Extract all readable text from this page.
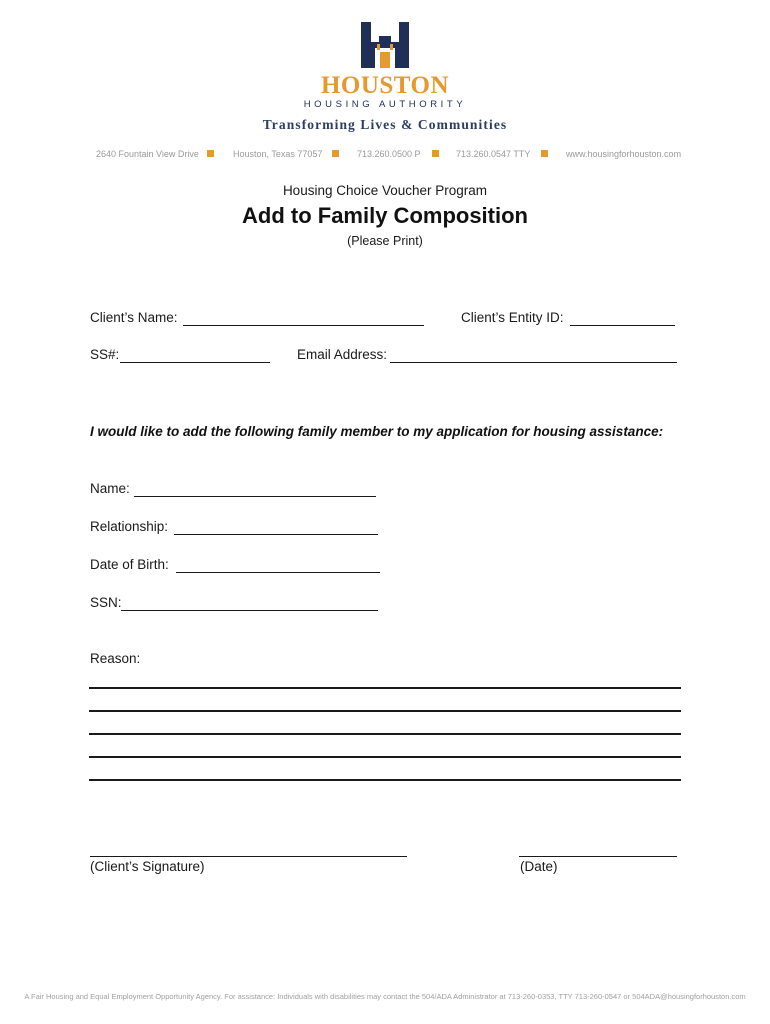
HOUSTON
HOUSING AUTHORITY
Transforming Lives & Communities
2640 Fountain View Drive	Houston, Texas 77057	713.260.0500 P	713.260.0547 TTY	www.housingforhouston.com
Housing Choice Voucher Program
Add to Family Composition
(Please Print)
Client’s Name:	Client’s Entity ID:
SS#:	Email Address:
I would like to add the following family member to my application for housing assistance:
Name:
Relationship:
Date of Birth:
SSN:
Reason:
(Client’s Signature)	(Date)
A Fair Housing and Equal Employment Opportunity Agency. For assistance: Individuals with disabilities may contact the 504/ADA Administrator at 713-260-0353, TTY 713-260-0547 or 504ADA@housingforhouston.com
